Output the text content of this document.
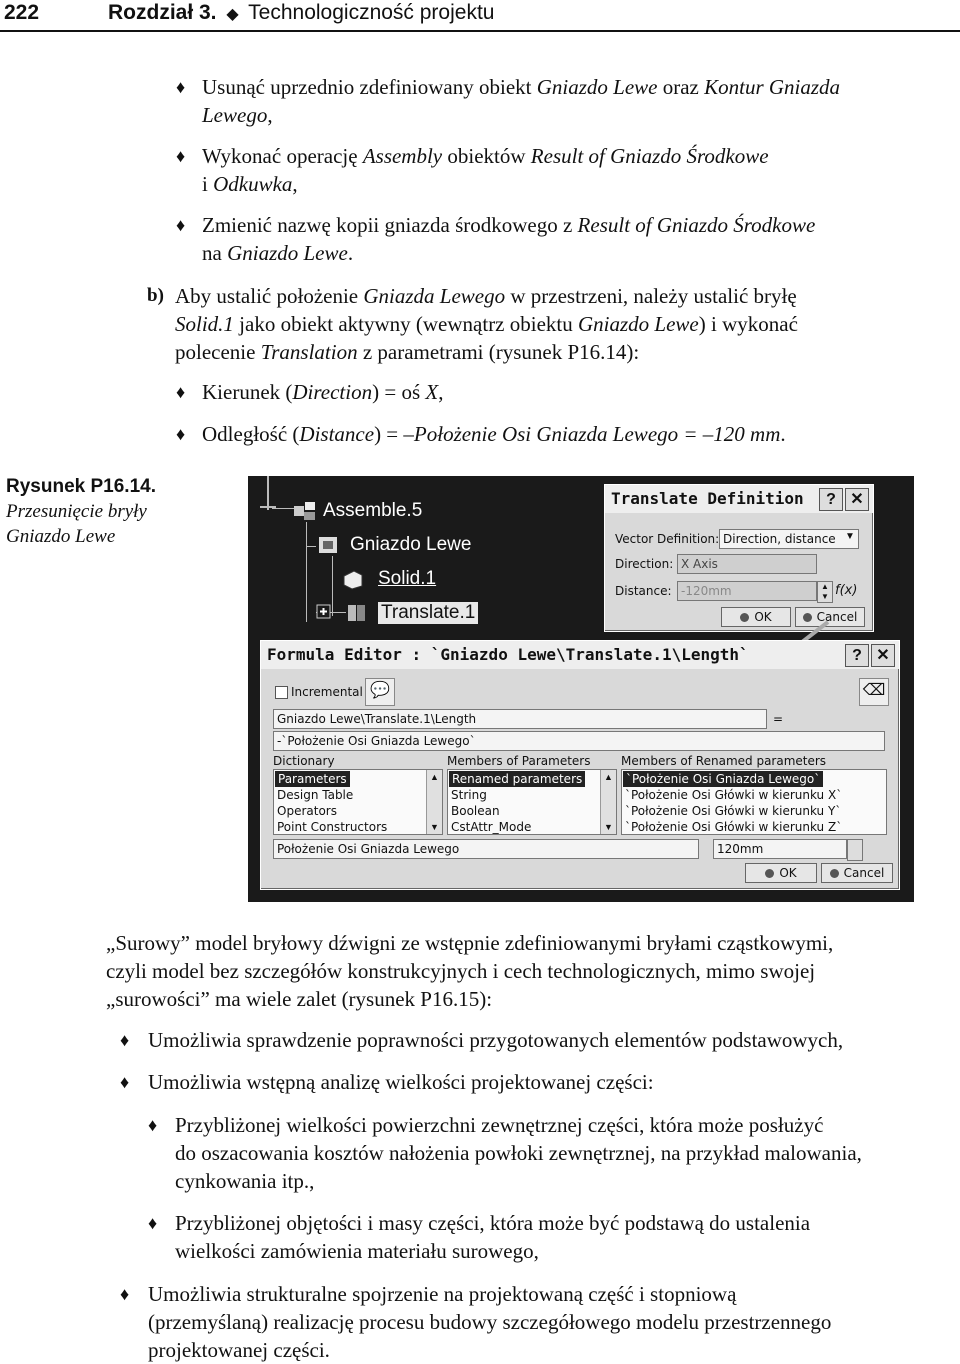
222	Rozdział 3. ◆ Technologiczność projektu
♦ Usunąć uprzednio zdefiniowany obiekt Gniazdo Lewe oraz Kontur Gniazda
Lewego,
♦ Wykonać operację Assembly obiektów Result of Gniazdo Środkowe
i Odkuwka,
♦ Zmienić nazwę kopii gniazda środkowego z Result of Gniazdo Środkowe
na Gniazdo Lewe.
b) Aby ustalić położenie Gniazda Lewego w przestrzeni, należy ustalić bryłę
Solid.1 jako obiekt aktywny (wewnątrz obiektu Gniazdo Lewe) i wykonać
polecenie Translation z parametrami (rysunek P16.14):
♦ Kierunek (Direction) = oś X,
♦ Odległość (Distance) = –Położenie Osi Gniazda Lewego = –120 mm.
Rysunek P16.14.
Przesunięcie bryły
Gniazdo Lewe
Assemble.5
Gniazdo Lewe
Solid.1
Translate.1
Translate Definition	? ✕
Vector Definition: Direction, distance ▼
Direction: X Axis
Distance: -120mm	▲
▼ f(x)
OK	Cancel
Formula Editor : `Gniazdo Lewe\Translate.1\Length`	? ✕
Incremental 💬	⌫
Gniazdo Lewe\Translate.1\Length	=
-`Położenie Osi Gniazda Lewego`
Dictionary	Members of Parameters	Members of Renamed parameters
Parameters
Design Table
Operators
Point Constructors
▲
▼
Renamed parameters
String
Boolean
CstAttr_Mode
▲
▼
`Położenie Osi Gniazda Lewego`
`Położenie Osi Główki w kierunku X`
`Położenie Osi Główki w kierunku Y`
`Położenie Osi Główki w kierunku Z`
Położenie Osi Gniazda Lewego	120mm
OK	Cancel
„Surowy” model bryłowy dźwigni ze wstępnie zdefiniowanymi bryłami cząstkowymi,
czyli model bez szczegółów konstrukcyjnych i cech technologicznych, mimo swojej
„surowości” ma wiele zalet (rysunek P16.15):
♦ Umożliwia sprawdzenie poprawności przygotowanych elementów podstawowych,
♦ Umożliwia wstępną analizę wielkości projektowanej części:
♦ Przybliżonej wielkości powierzchni zewnętrznej części, która może posłużyć
do oszacowania kosztów nałożenia powłoki zewnętrznej, na przykład malowania,
cynkowania itp.,
♦ Przybliżonej objętości i masy części, która może być podstawą do ustalenia
wielkości zamówienia materiału surowego,
♦ Umożliwia strukturalne spojrzenie na projektowaną część i stopniową
(przemyślaną) realizację procesu budowy szczegółowego modelu przestrzennego
projektowanej części.
